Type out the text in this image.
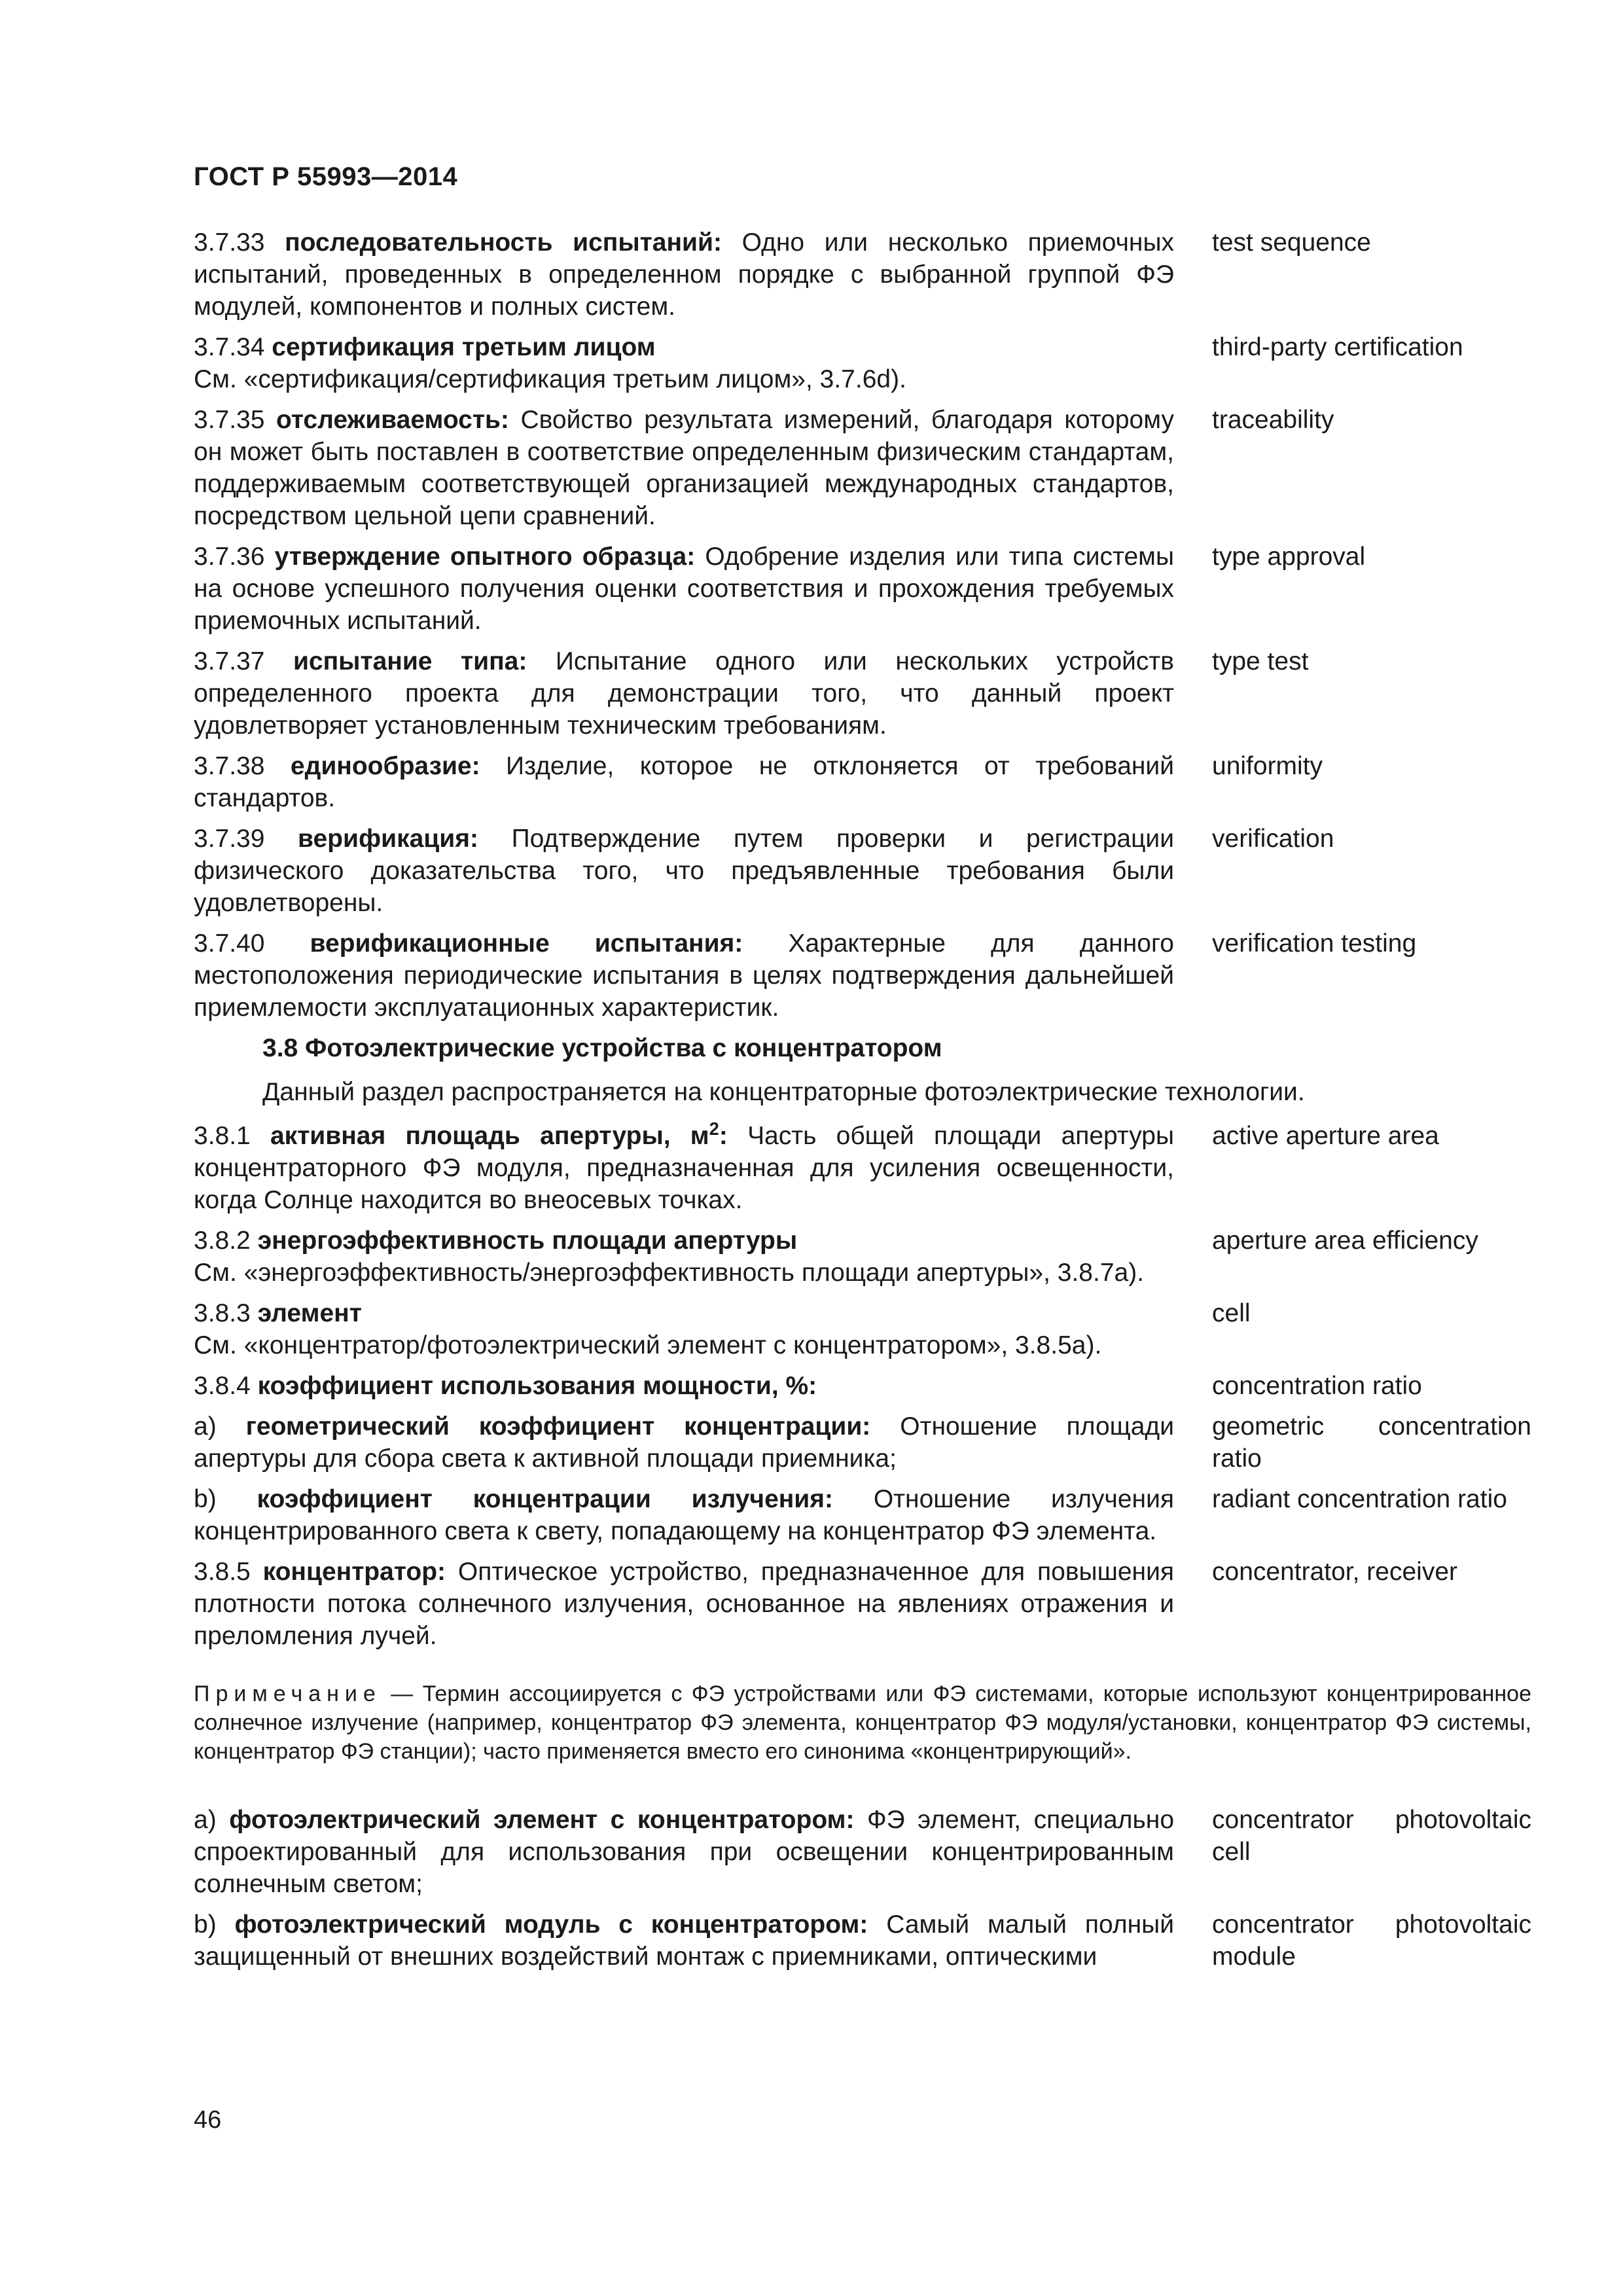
ГОСТ Р 55993—2014
3.7.33 последовательность испытаний: Одно или несколько приемочных испытаний, проведенных в определенном порядке с выбранной группой ФЭ модулей, компонентов и полных систем.
test sequence
3.7.34 сертификация третьим лицом
См. «сертификация/сертификация третьим лицом», 3.7.6d).
third-party certification
3.7.35 отслеживаемость: Свойство результата измерений, благодаря которому он может быть поставлен в соответствие определенным физическим стандартам, поддерживаемым соответствующей организацией международных стандартов, посредством цельной цепи сравнений.
traceability
3.7.36 утверждение опытного образца: Одобрение изделия или типа системы на основе успешного получения оценки соответствия и прохождения требуемых приемочных испытаний.
type approval
3.7.37 испытание типа: Испытание одного или нескольких устройств определенного проекта для демонстрации того, что данный проект удовлетворяет установленным техническим требованиям.
type test
3.7.38 единообразие: Изделие, которое не отклоняется от требований стандартов.
uniformity
3.7.39 верификация: Подтверждение путем проверки и регистрации физического доказательства того, что предъявленные требования были удовлетворены.
verification
3.7.40 верификационные испытания: Характерные для данного местоположения периодические испытания в целях подтверждения дальнейшей приемлемости эксплуатационных характеристик.
verification testing
3.8 Фотоэлектрические устройства с концентратором
Данный раздел распространяется на концентраторные фотоэлектрические технологии.
3.8.1 активная площадь апертуры, $м^2$: Часть общей площади апертуры концентраторного ФЭ модуля, предназначенная для усиления освещенности, когда Солнце находится во внеосевых точках.
active aperture area
3.8.2 энергоэффективность площади апертуры
См. «энергоэффективность/энергоэффективность площади апертуры», 3.8.7а).
aperture area efficiency
3.8.3 элемент
См. «концентратор/фотоэлектрический элемент с концентратором», 3.8.5а).
cell
3.8.4 коэффициент использования мощности, %:	concentration ratio
а) геометрический коэффициент концентрации: Отношение площади апертуры для сбора света к активной площади приемника;
geometric concentration ratio
b) коэффициент концентрации излучения: Отношение излучения концентрированного света к свету, попадающему на концентратор ФЭ элемента.
radiant concentration ratio
3.8.5 концентратор: Оптическое устройство, предназначенное для повышения плотности потока солнечного излучения, основанное на явлениях отражения и преломления лучей.
concentrator, receiver
Примечание — Термин ассоциируется с ФЭ устройствами или ФЭ системами, которые используют концентрированное солнечное излучение (например, концентратор ФЭ элемента, концентратор ФЭ модуля/установки, концентратор ФЭ системы, концентратор ФЭ станции); часто применяется вместо его синонима «концентрирующий».
а) фотоэлектрический элемент с концентратором: ФЭ элемент, специально спроектированный для использования при освещении концентрированным солнечным светом;
concentrator photovoltaic cell
b) фотоэлектрический модуль с концентратором: Самый малый полный защищенный от внешних воздействий монтаж с приемниками, оптическими
concentrator photovoltaic module
46
